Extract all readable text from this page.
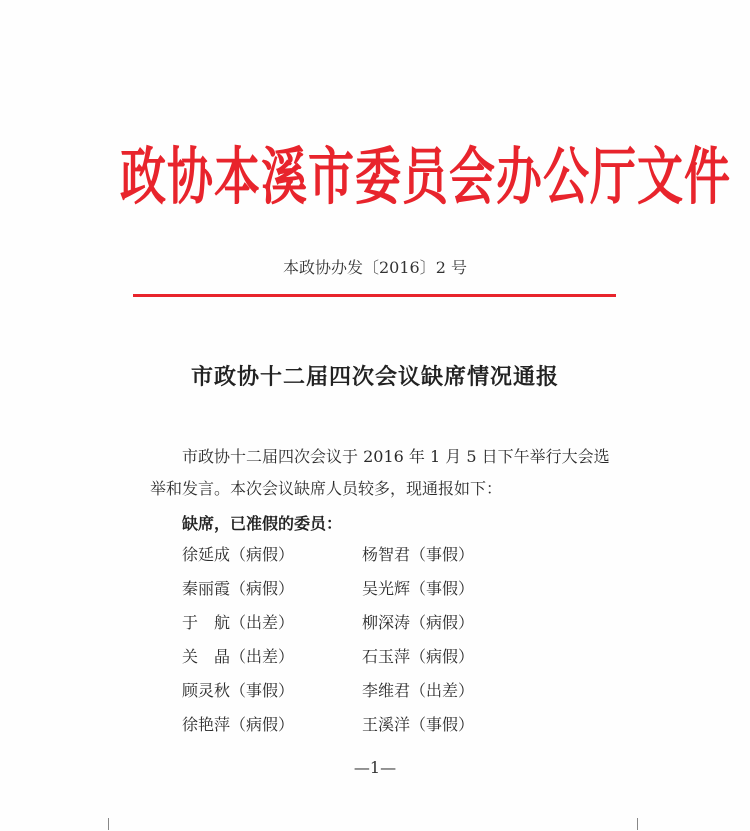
政协本溪市委员会办公厅文件
本政协办发〔2016〕2 号
市政协十二届四次会议缺席情况通报
市政协十二届四次会议于 2016 年 1 月 5 日下午举行大会选举和发言。本次会议缺席人员较多，现通报如下：
缺席，已准假的委员：
徐延成（病假）	杨智君（事假）
秦丽霞（病假）	吴光辉（事假）
于　航（出差）	柳深涛（病假）
关　晶（出差）	石玉萍（病假）
顾灵秋（事假）	李维君（出差）
徐艳萍（病假）	王溪洋（事假）
—1—
